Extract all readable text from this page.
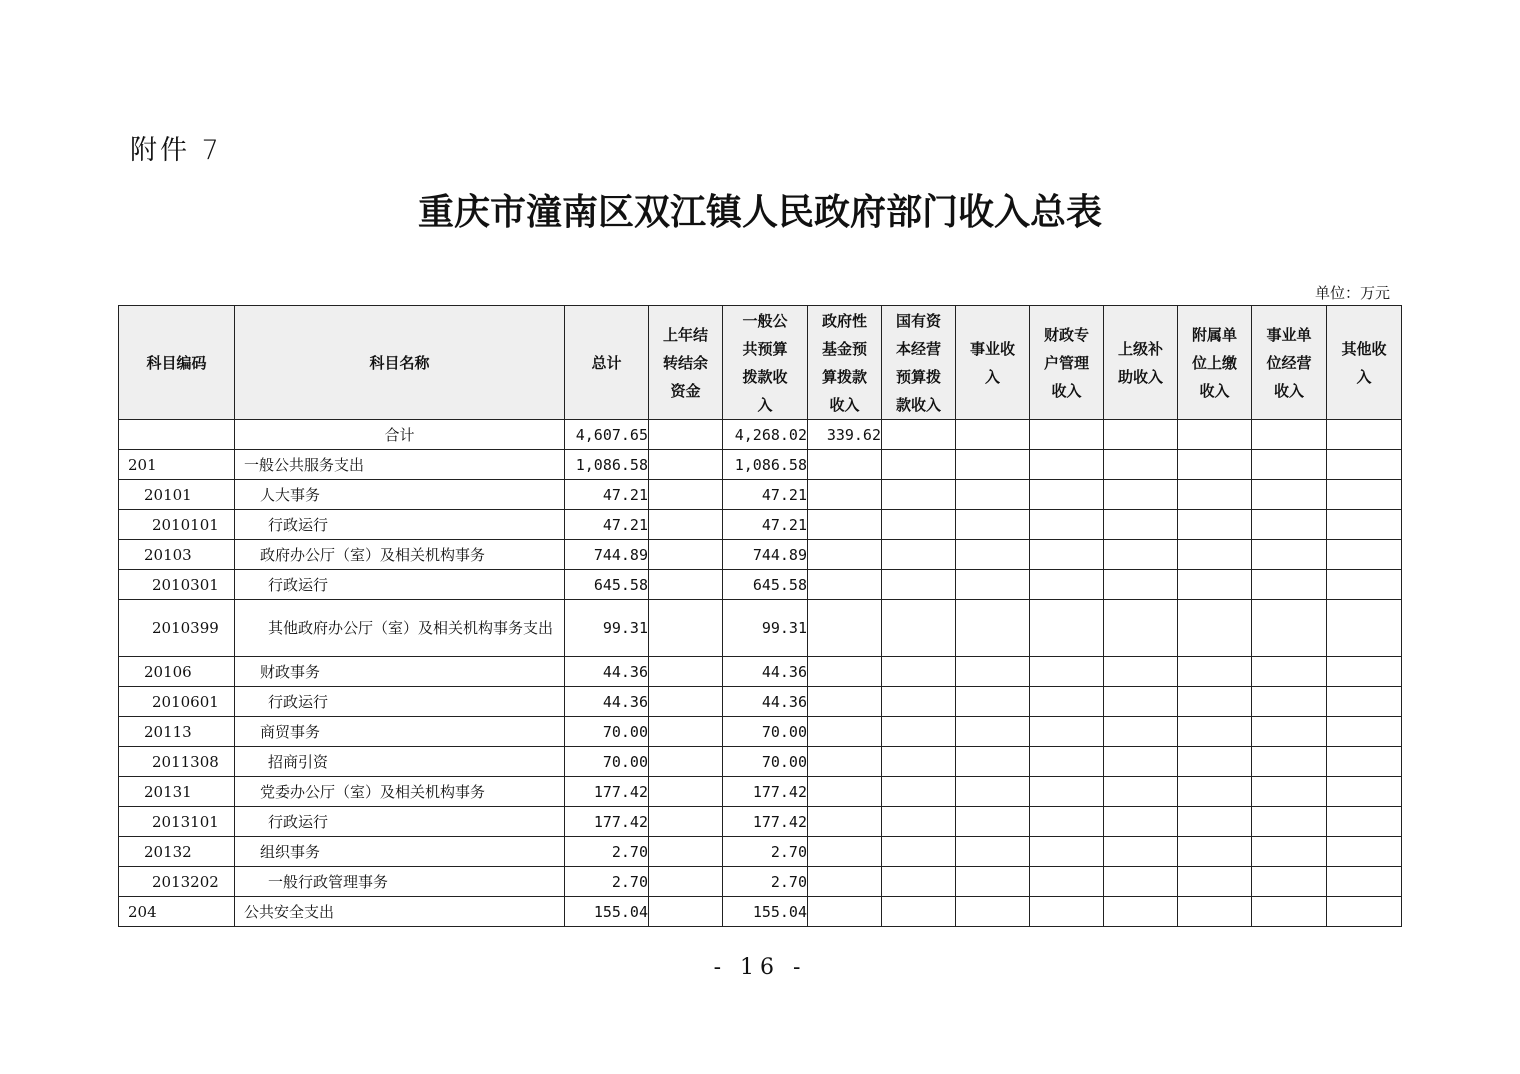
附件 7
重庆市潼南区双江镇人民政府部门收入总表
单位：万元
科目编码	科目名称	总计	上年结转结余资金	一般公共预算拨款收入	政府性基金预算拨款收入	国有资本经营预算拨款收入	事业收入	财政专户管理收入	上级补助收入	附属单位上缴收入	事业单位经营收入	其他收入
	合计	4,607.65		4,268.02	339.62							
201	一般公共服务支出	1,086.58		1,086.58								
20101	人大事务	47.21		47.21								
2010101	行政运行	47.21		47.21								
20103	政府办公厅（室）及相关机构事务	744.89		744.89								
2010301	行政运行	645.58		645.58								
2010399	其他政府办公厅（室）及相关机构事务支出	99.31		99.31								
20106	财政事务	44.36		44.36								
2010601	行政运行	44.36		44.36								
20113	商贸事务	70.00		70.00								
2011308	招商引资	70.00		70.00								
20131	党委办公厅（室）及相关机构事务	177.42		177.42								
2013101	行政运行	177.42		177.42								
20132	组织事务	2.70		2.70								
2013202	一般行政管理事务	2.70		2.70								
204	公共安全支出	155.04		155.04								
- 16 -
